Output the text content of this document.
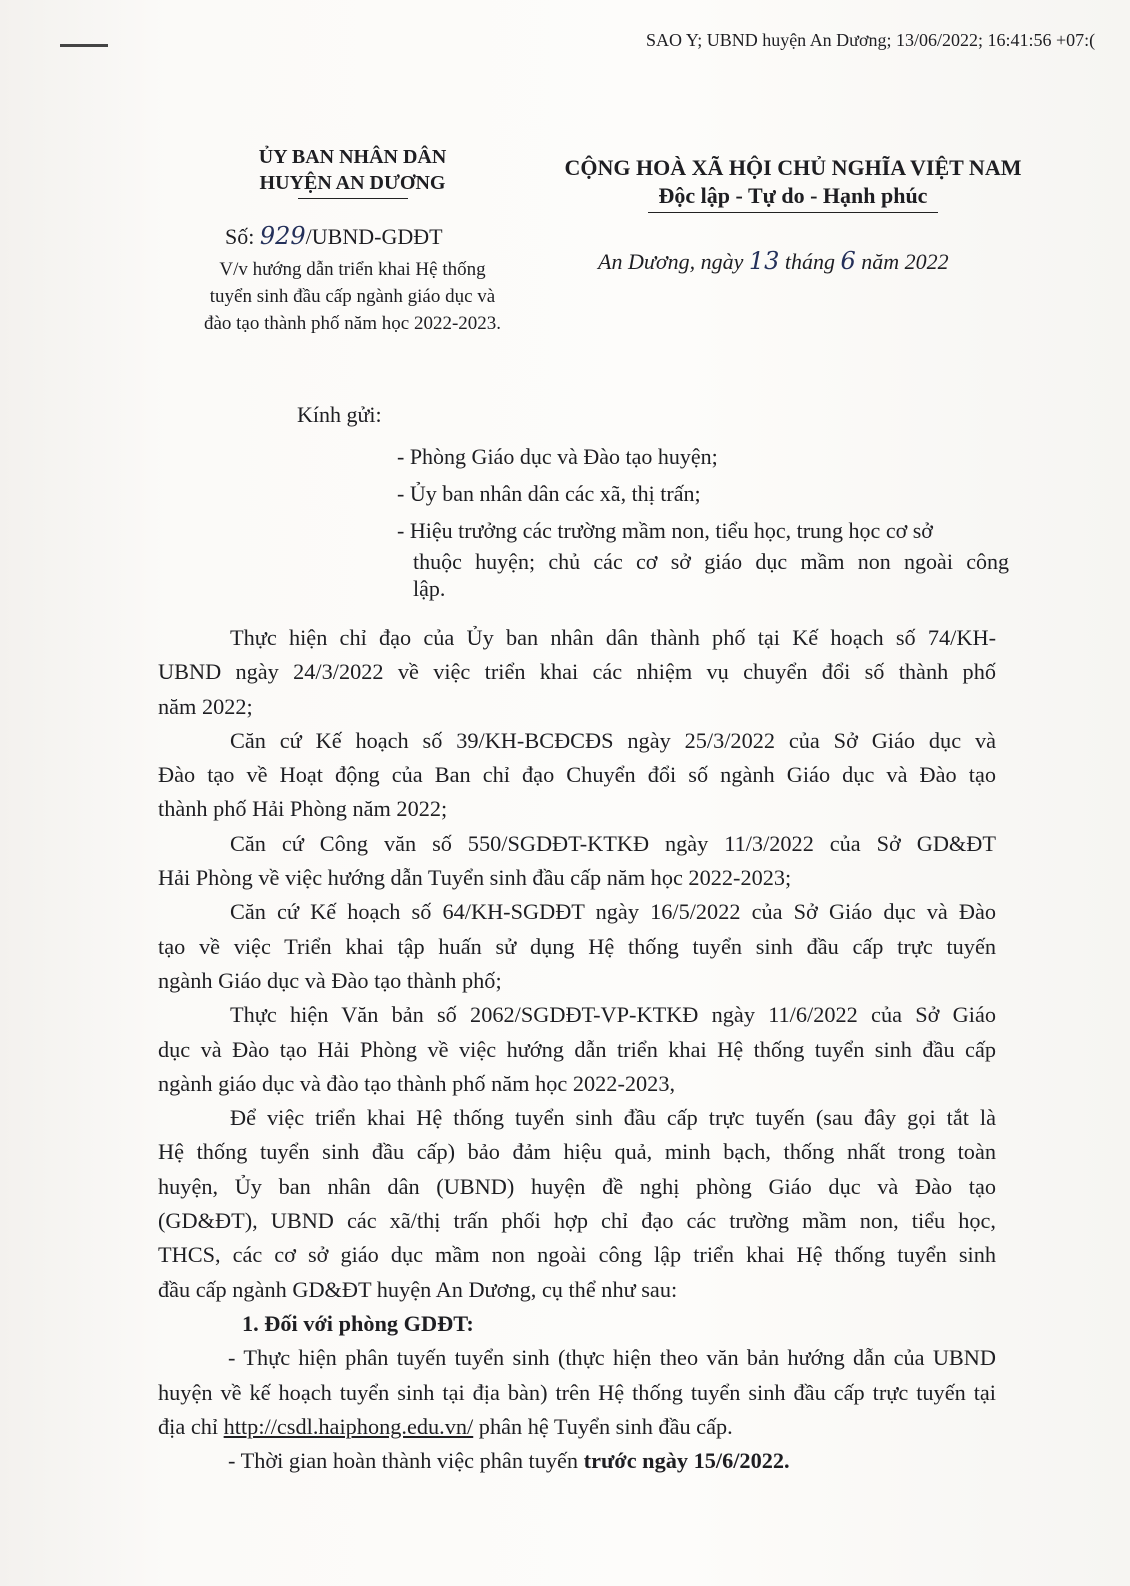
SAO Y; UBND huyện An Dương; 13/06/2022; 16:41:56 +07:(
ỦY BAN NHÂN DÂN
HUYỆN AN DƯƠNG
Số: 929/UBND-GDĐT
V/v hướng dẫn triển khai Hệ thống
tuyển sinh đầu cấp ngành giáo dục và
đào tạo thành phố năm học 2022-2023.
CỘNG HOÀ XÃ HỘI CHỦ NGHĨA VIỆT NAM
Độc lập - Tự do - Hạnh phúc
An Dương, ngày 13 tháng 6 năm 2022
Kính gửi:
- Phòng Giáo dục và Đào tạo huyện;
- Ủy ban nhân dân các xã, thị trấn;
- Hiệu trưởng các trường mầm non, tiểu học, trung học cơ sở
thuộc huyện; chủ các cơ sở giáo dục mầm non ngoài công
lập.
Thực hiện chỉ đạo của Ủy ban nhân dân thành phố tại Kế hoạch số 74/KH-
UBND ngày 24/3/2022 về việc triển khai các nhiệm vụ chuyển đổi số thành phố
năm 2022;
Căn cứ Kế hoạch số 39/KH-BCĐCĐS ngày 25/3/2022 của Sở Giáo dục và
Đào tạo về Hoạt động của Ban chỉ đạo Chuyển đổi số ngành Giáo dục và Đào tạo
thành phố Hải Phòng năm 2022;
Căn cứ Công văn số 550/SGDĐT-KTKĐ ngày 11/3/2022 của Sở GD&ĐT
Hải Phòng về việc hướng dẫn Tuyển sinh đầu cấp năm học 2022-2023;
Căn cứ Kế hoạch số 64/KH-SGDĐT ngày 16/5/2022 của Sở Giáo dục và Đào
tạo về việc Triển khai tập huấn sử dụng Hệ thống tuyển sinh đầu cấp trực tuyến
ngành Giáo dục và Đào tạo thành phố;
Thực hiện Văn bản số 2062/SGDĐT-VP-KTKĐ ngày 11/6/2022 của Sở Giáo
dục và Đào tạo Hải Phòng về việc hướng dẫn triển khai Hệ thống tuyển sinh đầu cấp
ngành giáo dục và đào tạo thành phố năm học 2022-2023,
Để việc triển khai Hệ thống tuyển sinh đầu cấp trực tuyến (sau đây gọi tắt là
Hệ thống tuyển sinh đầu cấp) bảo đảm hiệu quả, minh bạch, thống nhất trong toàn
huyện, Ủy ban nhân dân (UBND) huyện đề nghị phòng Giáo dục và Đào tạo
(GD&ĐT), UBND các xã/thị trấn phối hợp chỉ đạo các trường mầm non, tiểu học,
THCS, các cơ sở giáo dục mầm non ngoài công lập triển khai Hệ thống tuyển sinh
đầu cấp ngành GD&ĐT huyện An Dương, cụ thể như sau:
1. Đối với phòng GDĐT:
- Thực hiện phân tuyến tuyển sinh (thực hiện theo văn bản hướng dẫn của UBND
huyện về kế hoạch tuyển sinh tại địa bàn) trên Hệ thống tuyển sinh đầu cấp trực tuyến tại
địa chỉ http://csdl.haiphong.edu.vn/ phân hệ Tuyển sinh đầu cấp.
- Thời gian hoàn thành việc phân tuyến trước ngày 15/6/2022.
